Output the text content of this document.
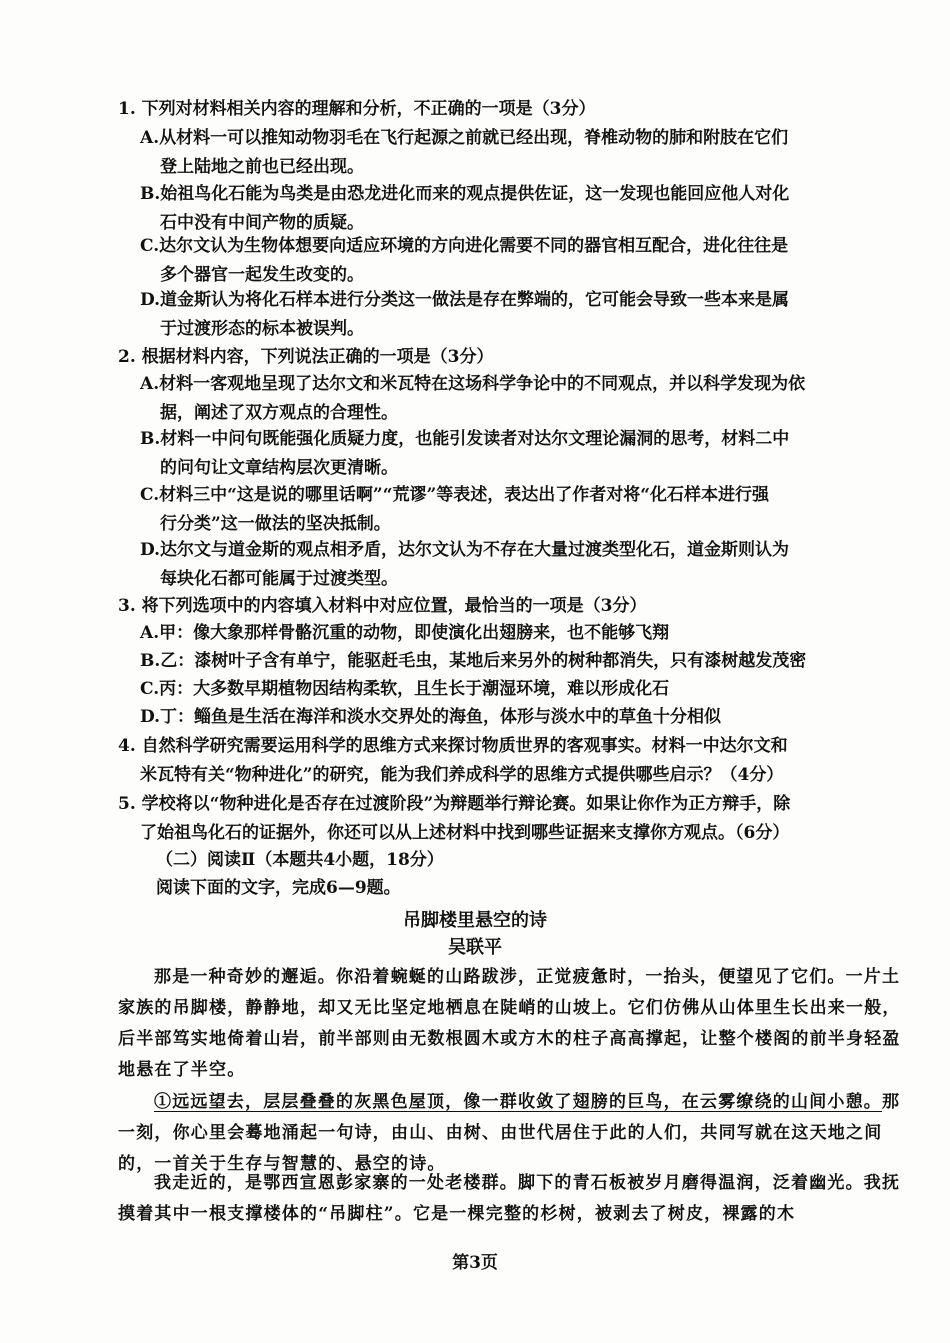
1. 下列对材料相关内容的理解和分析，不正确的一项是（3分）
A.从材料一可以推知动物羽毛在飞行起源之前就已经出现，脊椎动物的肺和附肢在它们
登上陆地之前也已经出现。
B.始祖鸟化石能为鸟类是由恐龙进化而来的观点提供佐证，这一发现也能回应他人对化
石中没有中间产物的质疑。
C.达尔文认为生物体想要向适应环境的方向进化需要不同的器官相互配合，进化往往是
多个器官一起发生改变的。
D.道金斯认为将化石样本进行分类这一做法是存在弊端的，它可能会导致一些本来是属
于过渡形态的标本被误判。
2. 根据材料内容，下列说法正确的一项是（3分）
A.材料一客观地呈现了达尔文和米瓦特在这场科学争论中的不同观点，并以科学发现为依
据，阐述了双方观点的合理性。
B.材料一中问句既能强化质疑力度，也能引发读者对达尔文理论漏洞的思考，材料二中
的问句让文章结构层次更清晰。
C.材料三中“这是说的哪里话啊”“荒谬”等表述，表达出了作者对将“化石样本进行强
行分类”这一做法的坚决抵制。
D.达尔文与道金斯的观点相矛盾，达尔文认为不存在大量过渡类型化石，道金斯则认为
每块化石都可能属于过渡类型。
3. 将下列选项中的内容填入材料中对应位置，最恰当的一项是（3分）
A.甲：像大象那样骨骼沉重的动物，即使演化出翅膀来，也不能够飞翔
B.乙：漆树叶子含有单宁，能驱赶毛虫，某地后来另外的树种都消失，只有漆树越发茂密
C.丙：大多数早期植物因结构柔软，且生长于潮湿环境，难以形成化石
D.丁：鲻鱼是生活在海洋和淡水交界处的海鱼，体形与淡水中的草鱼十分相似
4. 自然科学研究需要运用科学的思维方式来探讨物质世界的客观事实。材料一中达尔文和
米瓦特有关“物种进化”的研究，能为我们养成科学的思维方式提供哪些启示？（4分）
5. 学校将以“物种进化是否存在过渡阶段”为辩题举行辩论赛。如果让你作为正方辩手，除
了始祖鸟化石的证据外，你还可以从上述材料中找到哪些证据来支撑你方观点。（6分）
（二）阅读Ⅱ（本题共4小题，18分）
阅读下面的文字，完成6—9题。
吊脚楼里悬空的诗
吴联平
那是一种奇妙的邂逅。你沿着蜿蜒的山路跋涉，正觉疲惫时，一抬头，便望见了它们。一片土家族的吊脚楼，静静地，却又无比坚定地栖息在陡峭的山坡上。它们仿佛从山体里生长出来一般，后半部笃实地倚着山岩，前半部则由无数根圆木或方木的柱子高高撑起，让整个楼阁的前半身轻盈地悬在了半空。
①远远望去，层层叠叠的灰黑色屋顶，像一群收敛了翅膀的巨鸟，在云雾缭绕的山间小憩。那一刻，你心里会蓦地涌起一句诗，由山、由树、由世代居住于此的人们，共同写就在这天地之间的，一首关于生存与智慧的、悬空的诗。
我走近的，是鄂西宣恩彭家寨的一处老楼群。脚下的青石板被岁月磨得温润，泛着幽光。我抚摸着其中一根支撑楼体的“吊脚柱”。它是一棵完整的杉树，被剥去了树皮，裸露的木
第3页
